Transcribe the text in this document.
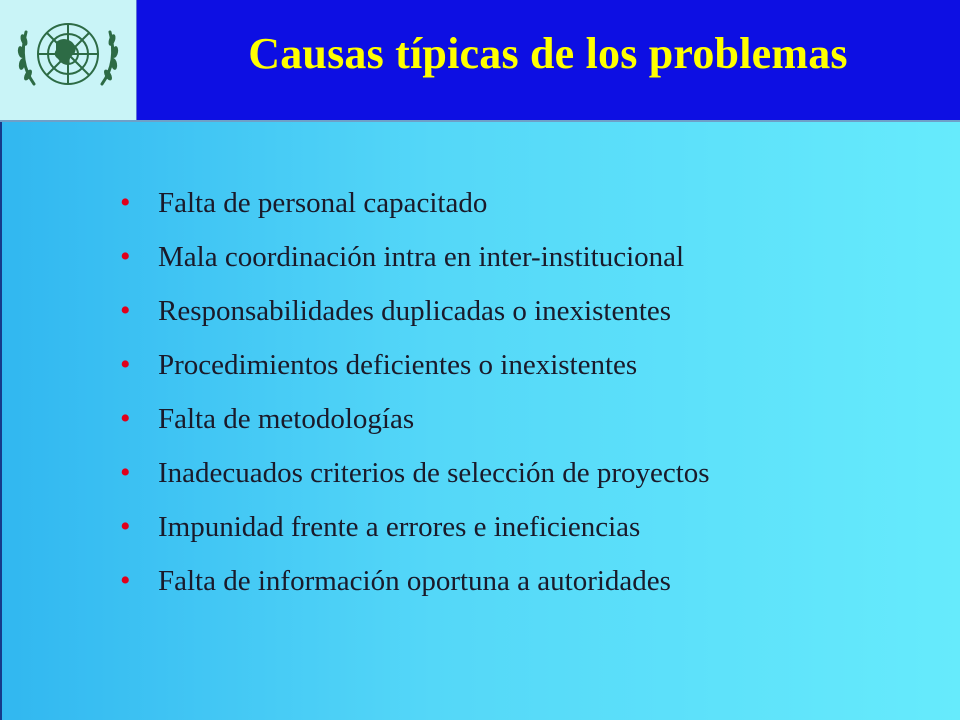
Causas típicas de los problemas
• Falta de personal capacitado
• Mala coordinación intra en inter-institucional
• Responsabilidades duplicadas o inexistentes
• Procedimientos deficientes o inexistentes
• Falta de metodologías
• Inadecuados criterios de selección de proyectos
• Impunidad frente a errores e ineficiencias
• Falta de información oportuna a autoridades
